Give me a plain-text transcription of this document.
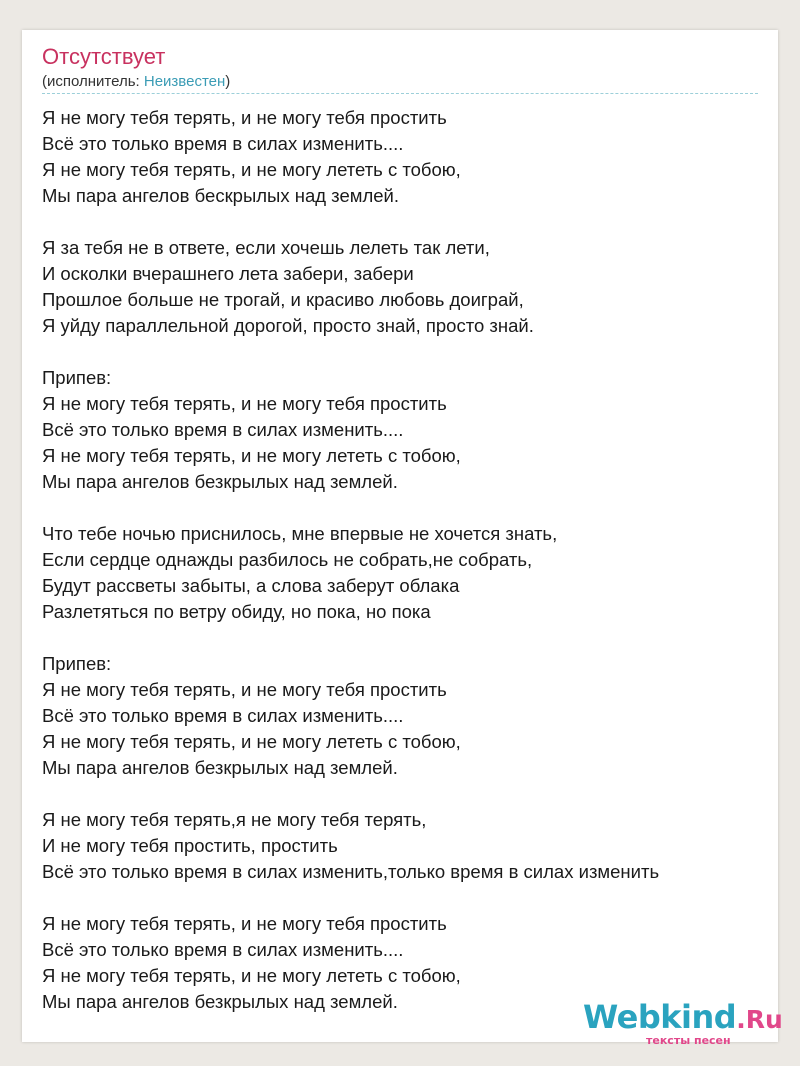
Отсутствует
(исполнитель: Неизвестен)
Я не могу тебя терять, и не могу тебя простить
Всё это только время в силах изменить....
Я не могу тебя терять, и не могу лететь с тобою,
Мы пара ангелов бескрылых над землей.
Я за тебя не в ответе, если хочешь лелеть так лети,
И осколки вчерашнего лета забери, забери
Прошлое больше не трогай, и красиво любовь доиграй,
Я уйду параллельной дорогой, просто знай, просто знай.
Припев:
Я не могу тебя терять, и не могу тебя простить
Всё это только время в силах изменить....
Я не могу тебя терять, и не могу лететь с тобою,
Мы пара ангелов безкрылых над землей.
Что тебе ночью приснилось, мне впервые не хочется знать,
Если сердце однажды разбилось не собрать,не собрать,
Будут рассветы забыты, а слова заберут облака
Разлетяться по ветру обиду, но пока, но пока
Припев:
Я не могу тебя терять, и не могу тебя простить
Всё это только время в силах изменить....
Я не могу тебя терять, и не могу лететь с тобою,
Мы пара ангелов безкрылых над землей.
Я не могу тебя терять,я не могу тебя терять,
И не могу тебя простить, простить
Всё это только время в силах изменить,только время в силах изменить
Я не могу тебя терять, и не могу тебя простить
Всё это только время в силах изменить....
Я не могу тебя терять, и не могу лететь с тобою,
Мы пара ангелов безкрылых над землей.	Webkind.Ru
тексты песен
